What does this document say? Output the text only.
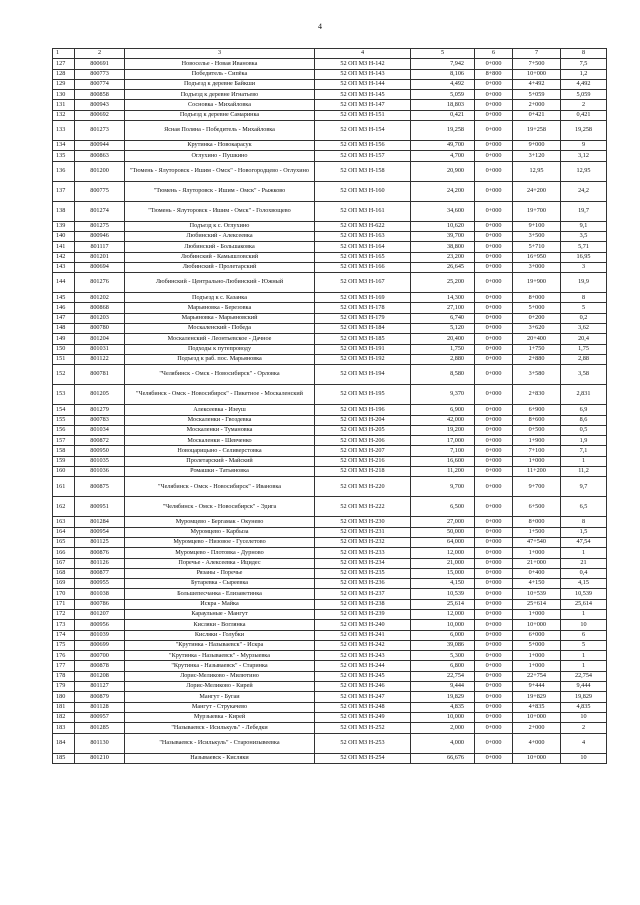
4
1	2	3	4	5	6	7	8
127	800691	Новоселье - Новая Ивановка	52 ОП МЗ Н-142	7,942	0+000	7+500	7,5
128	800773	Победитель - Сипёка	52 ОП МЗ Н-143	8,106	8+800	10+000	1,2
129	800774	Подъезд к деревне Байкши	52 ОП МЗ Н-144	4,492	0+000	4+492	4,492
130	800858	Подъезд к деревне Игнатьево	52 ОП МЗ Н-145	5,059	0+000	5+059	5,059
131	800943	Сосновка - Михайловка	52 ОП МЗ Н-147	18,803	0+000	2+000	2
132	800692	Подъезд к деревне Самаринка	52 ОП МЗ Н-151	0,421	0+000	0+421	0,421
133	801273	Ясная Поляна - Победитель - Михайловка	52 ОП МЗ Н-154	19,258	0+000	19+258	19,258
134	800944	Крутинка - Новокарасук	52 ОП МЗ Н-156	49,700	0+000	9+000	9
135	800863	Оглухино - Пушкино	52 ОП МЗ Н-157	4,700	0+000	3+120	3,12
136	801200	"Тюмень - Ялуторовск - Ишим - Омск" - Новогородцево - Оглухино	52 ОП МЗ Н-158	20,900	0+000	12,95	12,95
137	800775	"Тюмень - Ялуторовск - Ишим - Омск" - Рыжково	52 ОП МЗ Н-160	24,200	0+000	24+200	24,2
138	801274	"Тюмень - Ялуторовск - Ишим - Омск" - Голохвощево	52 ОП МЗ Н-161	34,600	0+000	19+700	19,7
139	801275	Подъезд к с. Оглухино	52 ОП МЗ Н-622	10,620	0+000	9+100	9,1
140	800946	Любинский - Алексеевка	52 ОП МЗ Н-163	39,700	0+000	3+500	3,5
141	801117	Любинский - Большаковка	52 ОП МЗ Н-164	38,800	0+000	5+710	5,71
142	801201	Любинский - Камышловский	52 ОП МЗ Н-165	23,200	0+000	16+950	16,95
143	800694	Любинский - Пролетарский	52 ОП МЗ Н-166	26,645	0+000	3+000	3
144	801276	Любинский - Центрально-Любинский - Южный	52 ОП МЗ Н-167	25,200	0+000	19+900	19,9
145	801202	Подъезд к с. Казанка	52 ОП МЗ Н-169	14,300	0+000	8+000	8
146	800868	Марьяновка - Березовка	52 ОП МЗ Н-178	27,100	0+000	5+000	5
147	801203	Марьяновка - Марьяновский	52 ОП МЗ Н-179	6,740	0+000	0+200	0,2
148	800780	Москаленский - Победа	52 ОП МЗ Н-184	5,120	0+000	3+620	3,62
149	801204	Москаленский - Леонтьевское - Дачное	52 ОП МЗ Н-185	20,400	0+000	20+400	20,4
150	801031	Подходы к путепроводу	52 ОП МЗ Н-191	1,750	0+000	1+750	1,75
151	801122	Подъезд к раб. пос. Марьяновка	52 ОП МЗ Н-192	2,880	0+000	2+880	2,88
152	800781	"Челябинск - Омск - Новосибирск" - Орловка	52 ОП МЗ Н-194	8,580	0+000	3+580	3,58
153	801205	"Челябинск - Омск - Новосибирск" - Пикетное - Москаленский	52 ОП МЗ Н-195	9,370	0+000	2+830	2,831
154	801279	Алексеевка - Изеуш	52 ОП МЗ Н-196	6,900	0+000	6+900	6,9
155	800783	Москаленки - Гвоздевка	52 ОП МЗ Н-204	42,000	0+000	8+600	8,6
156	801034	Москаленки - Тумановка	52 ОП МЗ Н-205	19,200	0+000	0+500	0,5
157	800872	Москаленки - Шевченко	52 ОП МЗ Н-206	17,000	0+000	1+900	1,9
158	800950	Новоцарицыно - Селиверстовка	52 ОП МЗ Н-207	7,100	0+000	7+100	7,1
159	801035	Пролетарский - Майский	52 ОП МЗ Н-216	16,600	0+000	1+000	1
160	801036	Ромашки - Татьяновка	52 ОП МЗ Н-218	11,200	0+000	11+200	11,2
161	800875	"Челябинск - Омск - Новосибирск" - Ивановка	52 ОП МЗ Н-220	9,700	0+000	9+700	9,7
162	800951	"Челябинск - Омск - Новосибирск" - Эдига	52 ОП МЗ Н-222	6,500	0+000	6+500	6,5
163	801284	Муромцево - Бергамак - Окунево	52 ОП МЗ Н-230	27,000	0+000	8+000	8
164	800954	Муромцево - Карбыза	52 ОП МЗ Н-231	50,000	0+000	1+500	1,5
165	801125	Муромцево - Низовое - Гуселетово	52 ОП МЗ Н-232	64,000	0+000	47+540	47,54
166	800876	Муромцево - Плотовка - Дурново	52 ОП МЗ Н-233	12,000	0+000	1+000	1
167	801126	Поречье - Алексеевка - Ицидес	52 ОП МЗ Н-234	21,000	0+000	21+000	21
168	800877	Рязаны - Поречье	52 ОП МЗ Н-235	15,000	0+000	0+400	0,4
169	800955	Бутаревка - Сыреевка	52 ОП МЗ Н-236	4,150	0+000	4+150	4,15
170	801038	Большепесчанка - Елизаветинка	52 ОП МЗ Н-237	10,539	0+000	10+539	10,539
171	800786	Искра - Майка	52 ОП МЗ Н-238	25,614	0+000	25+614	25,614
172	801207	Караульные - Мангут	52 ОП МЗ Н-239	12,000	0+000	1+000	1
173	800956	Кисляки - Воглянка	52 ОП МЗ Н-240	10,000	0+000	10+000	10
174	801039	Кисляки - Голубки	52 ОП МЗ Н-241	6,000	0+000	6+000	6
175	800699	"Крутинка - Называевск" - Искра	52 ОП МЗ Н-242	39,086	0+000	5+000	5
176	800700	"Крутинка - Называевск" - Мурзыевка	52 ОП МЗ Н-243	5,300	0+000	1+000	1
177	800878	"Крутинка - Называевск" - Старинка	52 ОП МЗ Н-244	6,800	0+000	1+000	1
178	801208	Лорис-Меликово - Милютино	52 ОП МЗ Н-245	22,754	0+000	22+754	22,754
179	801127	Лорис-Меликово - Кирей	52 ОП МЗ Н-246	9,444	0+000	9+444	9,444
180	800879	Мангут - Бугаи	52 ОП МЗ Н-247	19,829	0+000	19+829	19,829
181	801128	Мангут - Струкачево	52 ОП МЗ Н-248	4,835	0+000	4+835	4,835
182	800957	Мурзыевка - Кирей	52 ОП МЗ Н-249	10,000	0+000	10+000	10
183	801285	"Называевск - Исилькуль" - Лебедки	52 ОП МЗ Н-252	2,000	0+000	2+000	2
184	801130	"Называевск - Исилькуль" - Старонизывеевка	52 ОП МЗ Н-253	4,000	0+000	4+000	4
185	801210	Называевск - Кисляки	52 ОП МЗ Н-254	66,676	0+000	10+000	10
